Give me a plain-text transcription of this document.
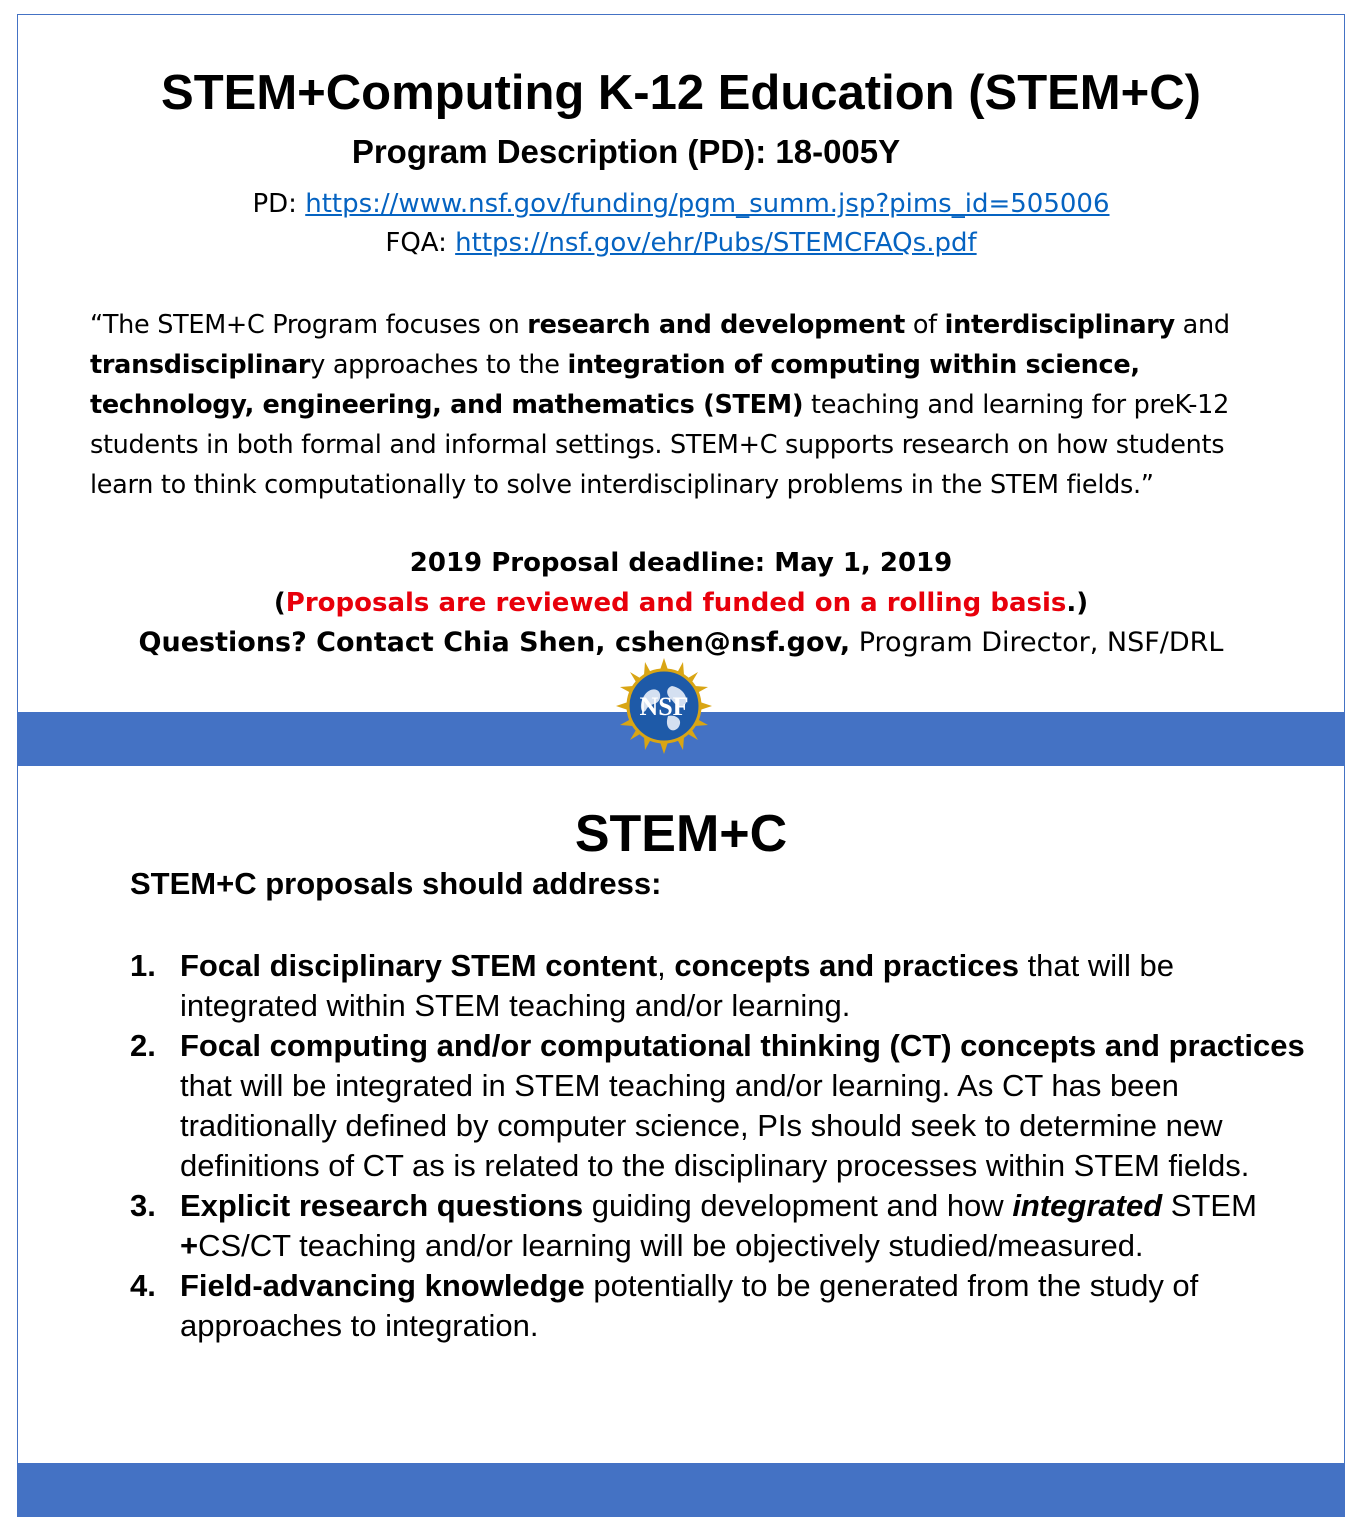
STEM+Computing K-12 Education (STEM+C)
Program Description (PD): 18-005Y
PD: https://www.nsf.gov/funding/pgm_summ.jsp?pims_id=505006
FQA: https://nsf.gov/ehr/Pubs/STEMCFAQs.pdf
“The STEM+C Program focuses on research and development of interdisciplinary and transdisciplinary approaches to the integration of computing within science, technology, engineering, and mathematics (STEM) teaching and learning for preK-12 students in both formal and informal settings. STEM+C supports research on how students learn to think computationally to solve interdisciplinary problems in the STEM fields.”
2019 Proposal deadline: May 1, 2019
(Proposals are reviewed and funded on a rolling basis.)
Questions? Contact Chia Shen, cshen@nsf.gov, Program Director, NSF/DRL
NSF
STEM+C
STEM+C proposals should address:
1. Focal disciplinary STEM content, concepts and practices that will be integrated within STEM teaching and/or learning.
2. Focal computing and/or computational thinking (CT) concepts and practices that will be integrated in STEM teaching and/or learning. As CT has been traditionally defined by computer science, PIs should seek to determine new definitions of CT as is related to the disciplinary processes within STEM fields.
3. Explicit research questions guiding development and how integrated STEM +CS/CT teaching and/or learning will be objectively studied/measured.
4. Field-advancing knowledge potentially to be generated from the study of approaches to integration.
